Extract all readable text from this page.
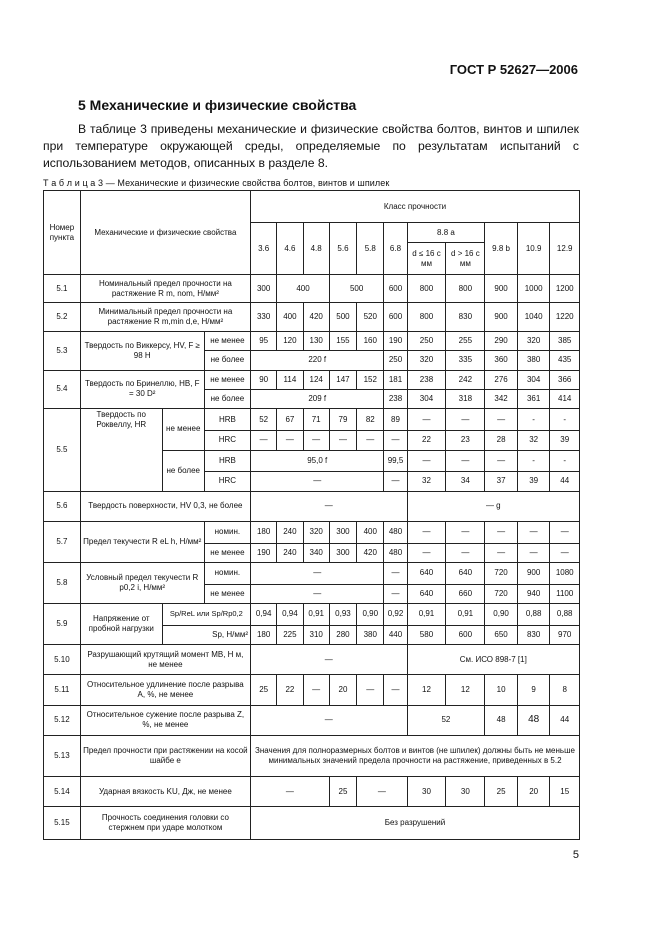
ГОСТ Р 52627—2006
5 Механические и физические свойства
В таблице 3 приведены механические и физические свойства болтов, винтов и шпилек при температуре окружающей среды, определяемые по результатам испытаний с использованием методов, описанных в разделе 8.
Т а б л и ц а 3 — Механические и физические свойства болтов, винтов и шпилек
Номер пункта	Механические и физические свойства			Класс прочности										
				3.6	4.6	4.8	5.6	5.8	6.8	8.8 a		9.8 b	10.9	12.9
										d ≤ 16 c мм	d > 16 c мм			
5.1	Номинальный предел прочности на растяжение R m, nom, Н/мм²			300	400		500		600	800	800	900	1000	1200
5.2	Минимальный предел прочности на растяжение R m,min d,e, Н/мм²			330	400	420	500	520	600	800	830	900	1040	1220
5.3	Твердость по Виккерсу, HV, F ≥ 98 Н		не менее	95	120	130	155	160	190	250	255	290	320	385
			не более	220 f					250	320	335	360	380	435
5.4	Твердость по Бринеллю, НВ, F = 30 D²		не менее	90	114	124	147	152	181	238	242	276	304	366
			не более	209 f					238	304	318	342	361	414
5.5	Твердость по Роквеллу, HR	не менее	HRB	52	67	71	79	82	89	—	—	—	-	-
			HRC	—	—	—	—	—	—	22	23	28	32	39
		не более	HRB	95,0 f					99,5	—	—	—	-	-
			HRC	—					—	32	34	37	39	44
5.6	Твердость поверхности, HV 0,3, не более			—						— g				
5.7	Предел текучести R eL h, Н/мм²		номин.	180	240	320	300	400	480	—	—	—	—	—
			не менее	190	240	340	300	420	480	—	—	—	—	—
5.8	Условный предел текучести R p0,2 i, Н/мм²		номин.	—					—	640	640	720	900	1080
			не менее	—					—	640	660	720	940	1100
5.9	Напряжение от пробной нагрузки	Sp/ReL или Sp/Rp0,2		0,94	0,94	0,91	0,93	0,90	0,92	0,91	0,91	0,90	0,88	0,88
		Sp, Н/мм²		180	225	310	280	380	440	580	600	650	830	970
5.10	Разрушающий крутящий момент MB, Н м, не менее			—						См. ИСО 898-7 [1]				
5.11	Относительное удлинение после разрыва A, %, не менее			25	22	—	20	—	—	12	12	10	9	8
5.12	Относительное сужение после разрыва Z, %, не менее			—						52		48	48	44
5.13	Предел прочности при растяжении на косой шайбе e			Значения для полноразмерных болтов и винтов (не шпилек) должны быть не меньше минимальных значений предела прочности на растяжение, приведенных в 5.2										
5.14	Ударная вязкость KU, Дж, не менее			—			25	—		30	30	25	20	15
5.15	Прочность соединения головки со стержнем при ударе молотком			Без разрушений										
5
